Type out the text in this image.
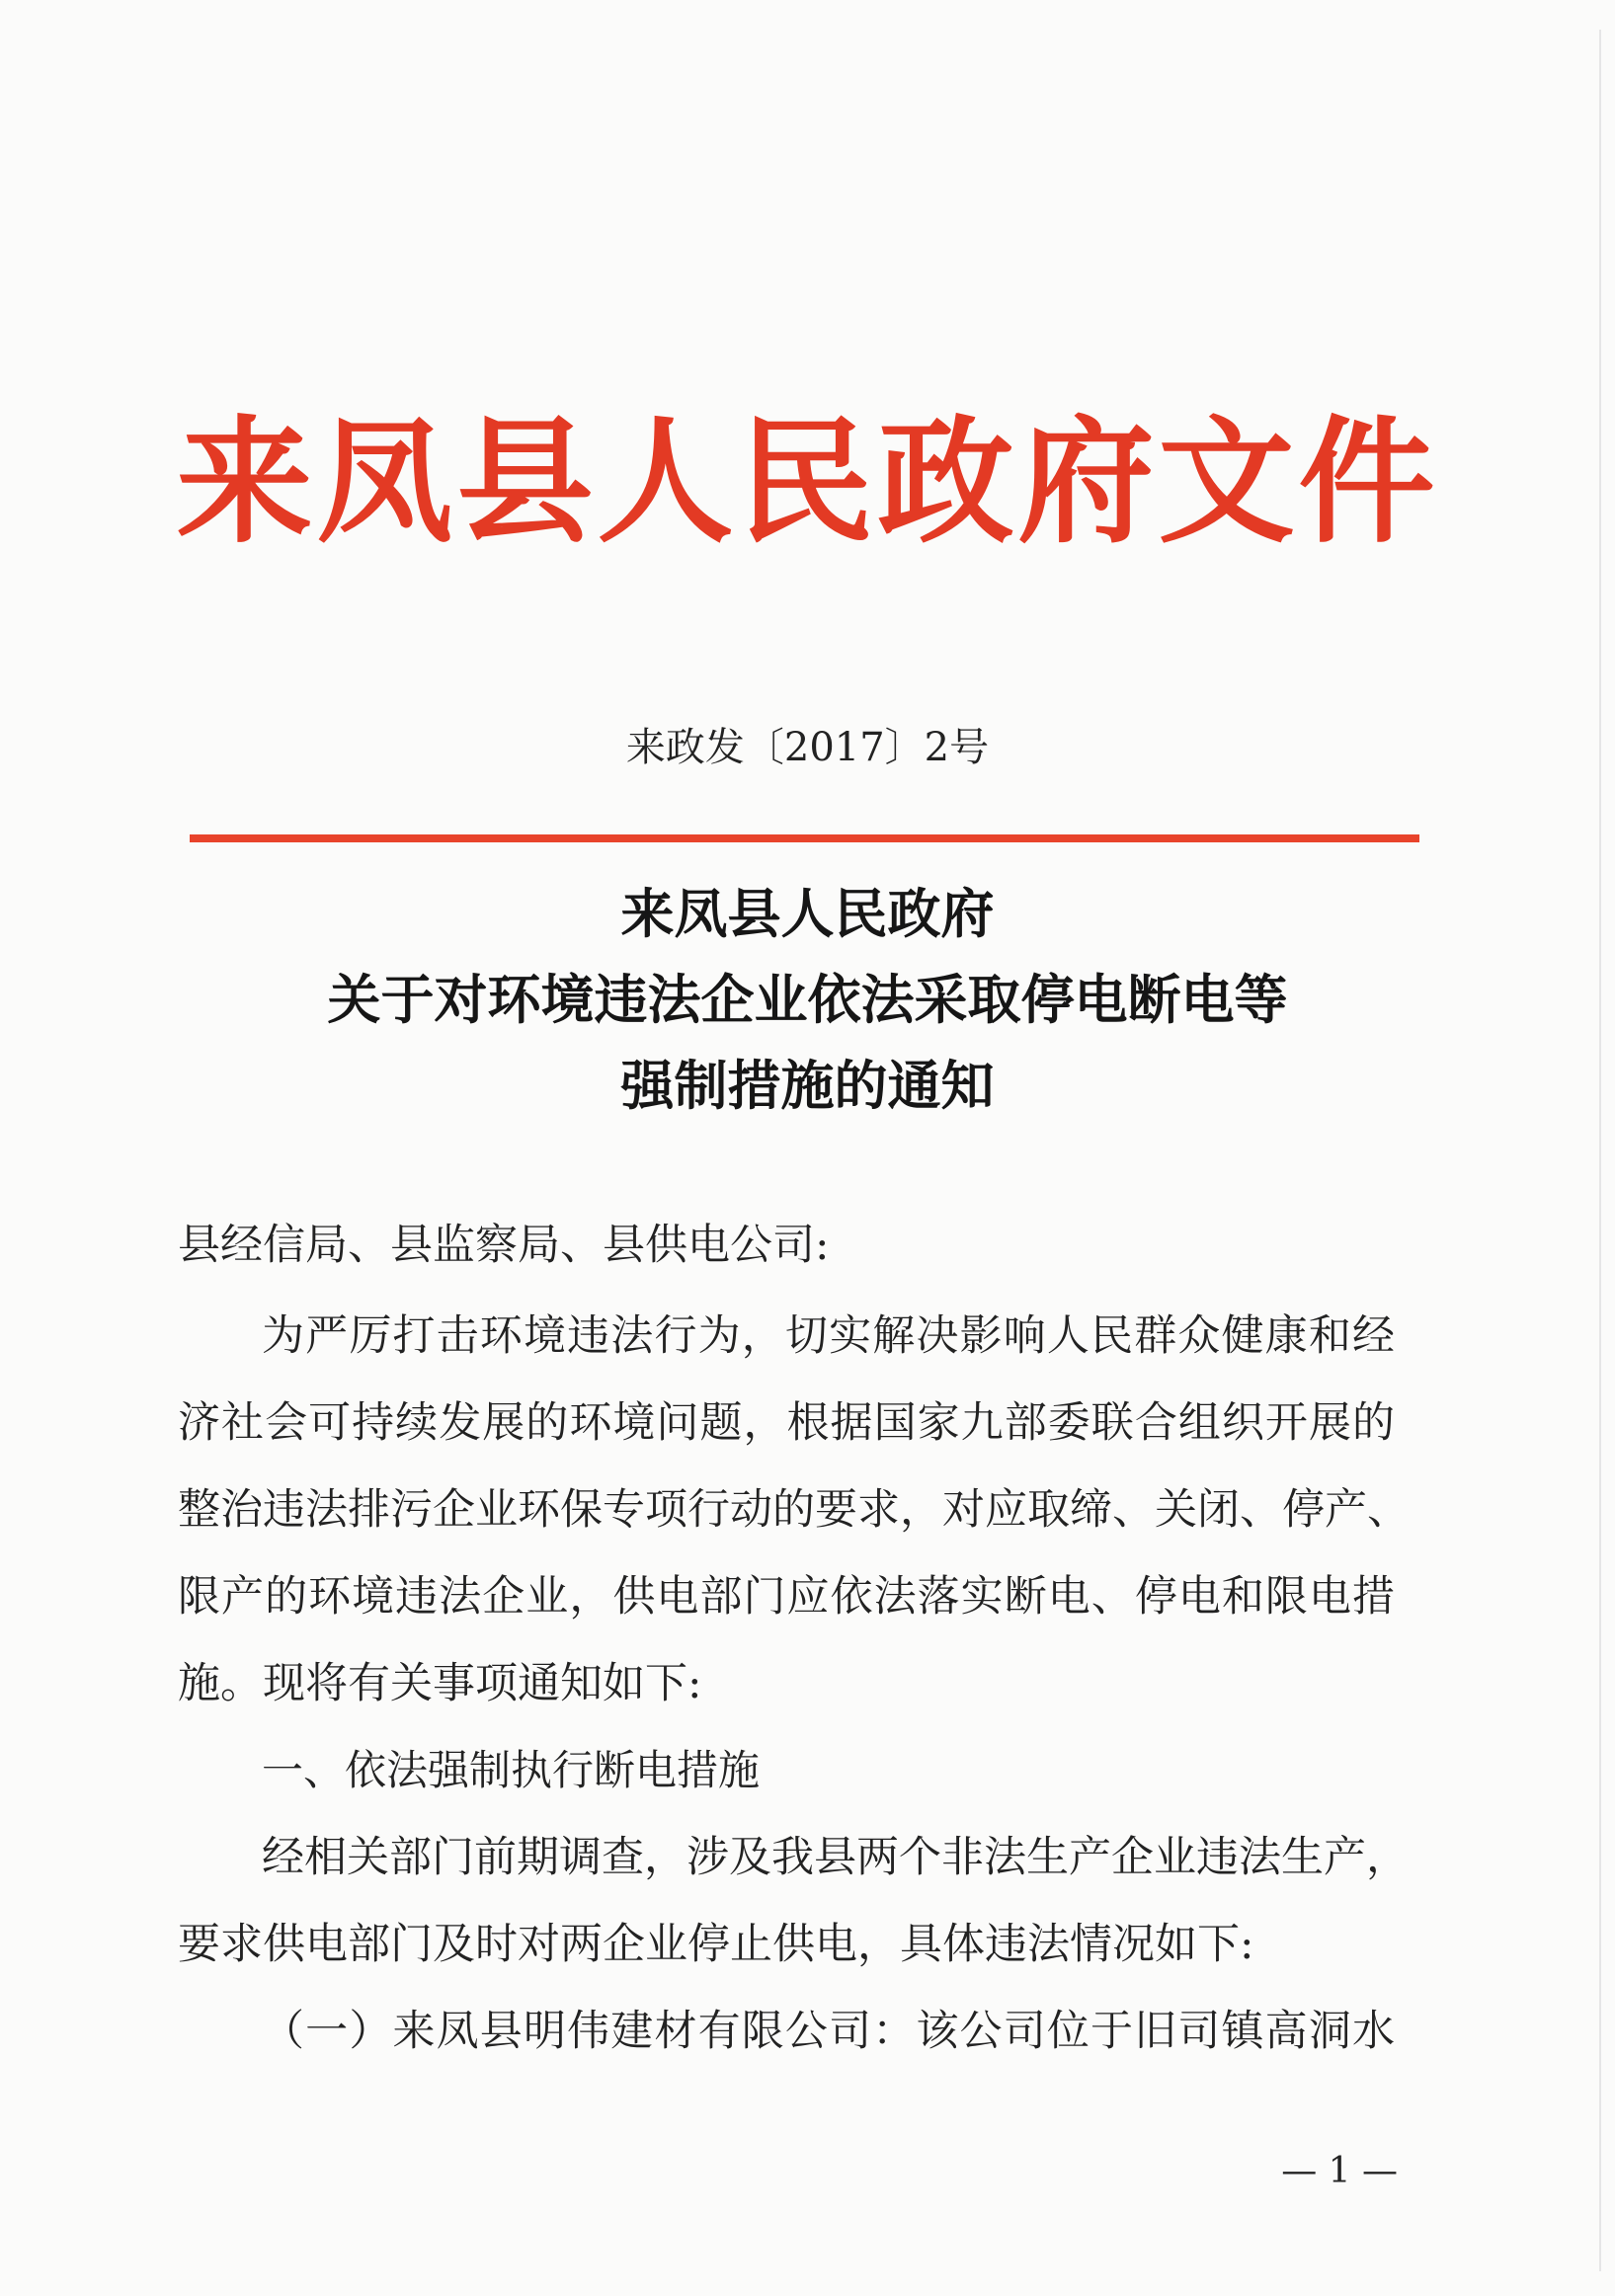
来凤县人民政府文件
来政发〔2017〕2号
来凤县人民政府
关于对环境违法企业依法采取停电断电等
强制措施的通知
县经信局、县监察局、县供电公司:
为严厉打击环境违法行为，切实解决影响人民群众健康和经
济社会可持续发展的环境问题，根据国家九部委联合组织开展的
整治违法排污企业环保专项行动的要求，对应取缔、关闭、停产、
限产的环境违法企业，供电部门应依法落实断电、停电和限电措
施。现将有关事项通知如下:
一、依法强制执行断电措施
经相关部门前期调查，涉及我县两个非法生产企业违法生产，
要求供电部门及时对两企业停止供电，具体违法情况如下:
（一）来凤县明伟建材有限公司：该公司位于旧司镇高洞水
— 1 —
